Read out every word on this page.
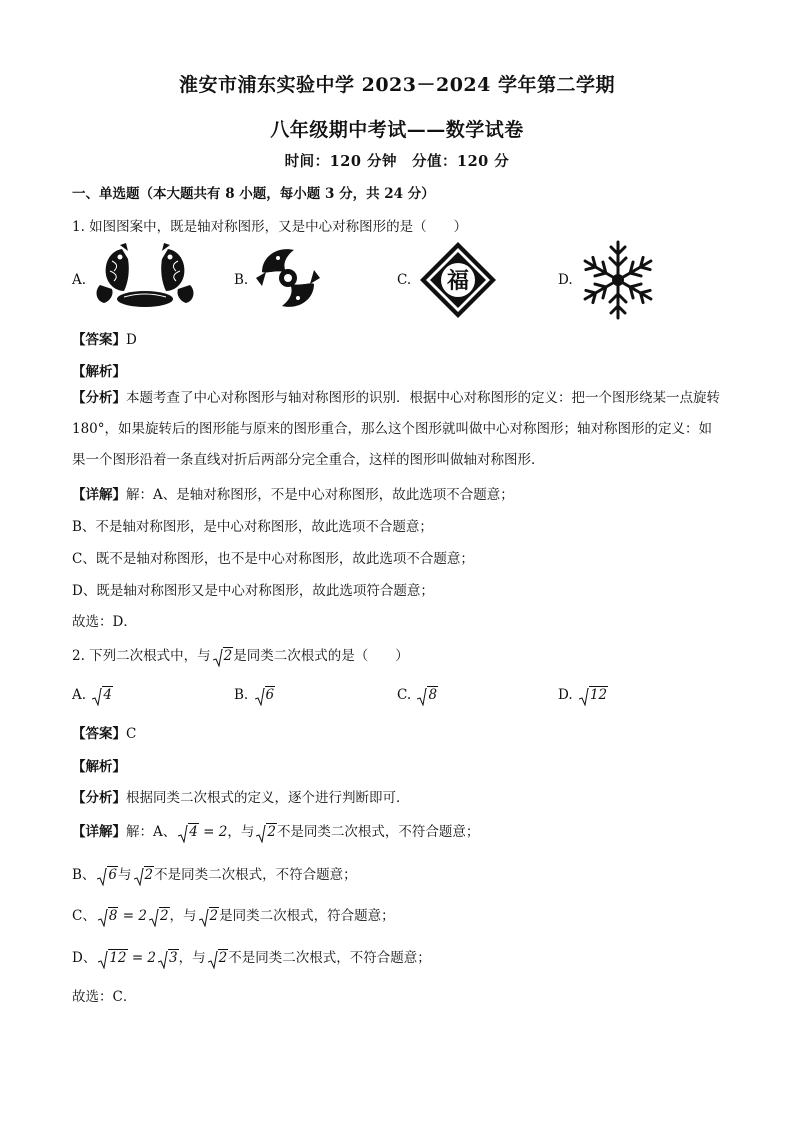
淮安市浦东实验中学 2023－2024 学年第二学期
八年级期中考试——数学试卷
时间：120 分钟　分值：120 分
一、单选题（本大题共有 8 小题，每小题 3 分，共 24 分）
1. 如图图案中，既是轴对称图形，又是中心对称图形的是（　　）
A.	B.	C. 福	D.
【答案】D
【解析】
【分析】本题考查了中心对称图形与轴对称图形的识别．根据中心对称图形的定义：把一个图形绕某一点旋转180°，如果旋转后的图形能与原来的图形重合，那么这个图形就叫做中心对称图形；轴对称图形的定义：如果一个图形沿着一条直线对折后两部分完全重合，这样的图形叫做轴对称图形．
【详解】解：A、是轴对称图形，不是中心对称图形，故此选项不合题意；
B、不是轴对称图形，是中心对称图形，故此选项不合题意；
C、既不是轴对称图形，也不是中心对称图形，故此选项不合题意；
D、既是轴对称图形又是中心对称图形，故此选项符合题意；
故选：D．
2. 下列二次根式中，与 2是同类二次根式的是（　　）
A. 4	B. 6	C. 8	D. 12
【答案】C
【解析】
【分析】根据同类二次根式的定义，逐个进行判断即可．
【详解】解：A、 4 = 2，与 2不是同类二次根式，不符合题意；
B、 6与 2不是同类二次根式，不符合题意；
C、 8 = 2 2，与 2是同类二次根式，符合题意；
D、 12 = 2 3，与 2不是同类二次根式，不符合题意；
故选：C．
